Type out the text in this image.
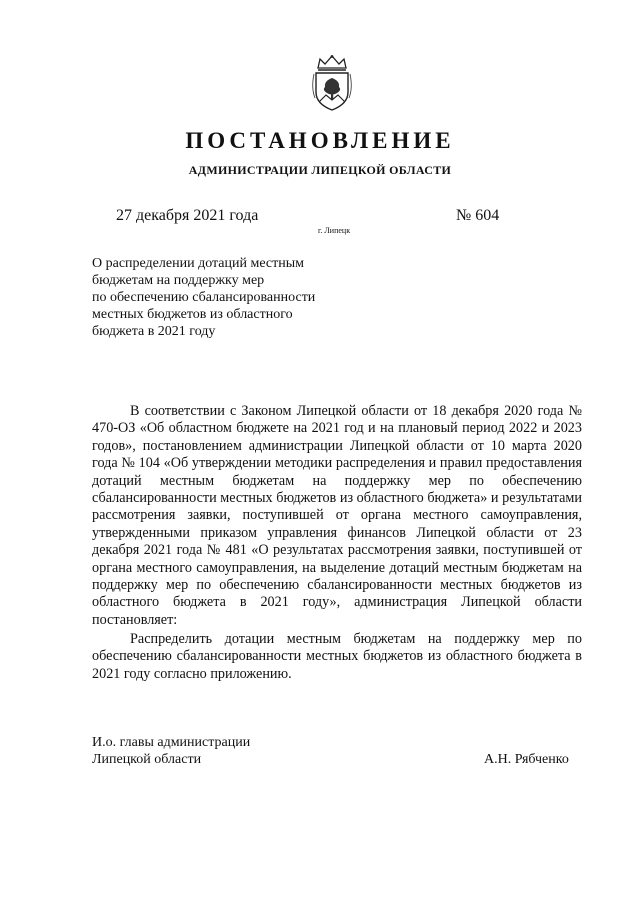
ПОСТАНОВЛЕНИЕ
АДМИНИСТРАЦИИ ЛИПЕЦКОЙ ОБЛАСТИ
27 декабря 2021 года
г. Липецк
№ 604
О распределении дотаций местным
бюджетам на поддержку мер
по обеспечению сбалансированности
местных бюджетов из областного
бюджета в 2021 году
В соответствии с Законом Липецкой области от 18 декабря 2020 года № 470-ОЗ «Об областном бюджете на 2021 год и на плановый период 2022 и 2023 годов», постановлением администрации Липецкой области от 10 марта 2020 года № 104 «Об утверждении методики распределения и правил предоставления дотаций местным бюджетам на поддержку мер по обеспечению сбалансированности местных бюджетов из областного бюджета» и результатами рассмотрения заявки, поступившей от органа местного самоуправления, утвержденными приказом управления финансов Липецкой области от 23 декабря 2021 года № 481 «О результатах рассмотрения заявки, поступившей от органа местного самоуправления, на выделение дотаций местным бюджетам на поддержку мер по обеспечению сбалансированности местных бюджетов из областного бюджета в 2021 году», администрация Липецкой области постановляет:
Распределить дотации местным бюджетам на поддержку мер по обеспечению сбалансированности местных бюджетов из областного бюджета в 2021 году согласно приложению.
И.о. главы администрации
Липецкой области	А.Н. Рябченко
